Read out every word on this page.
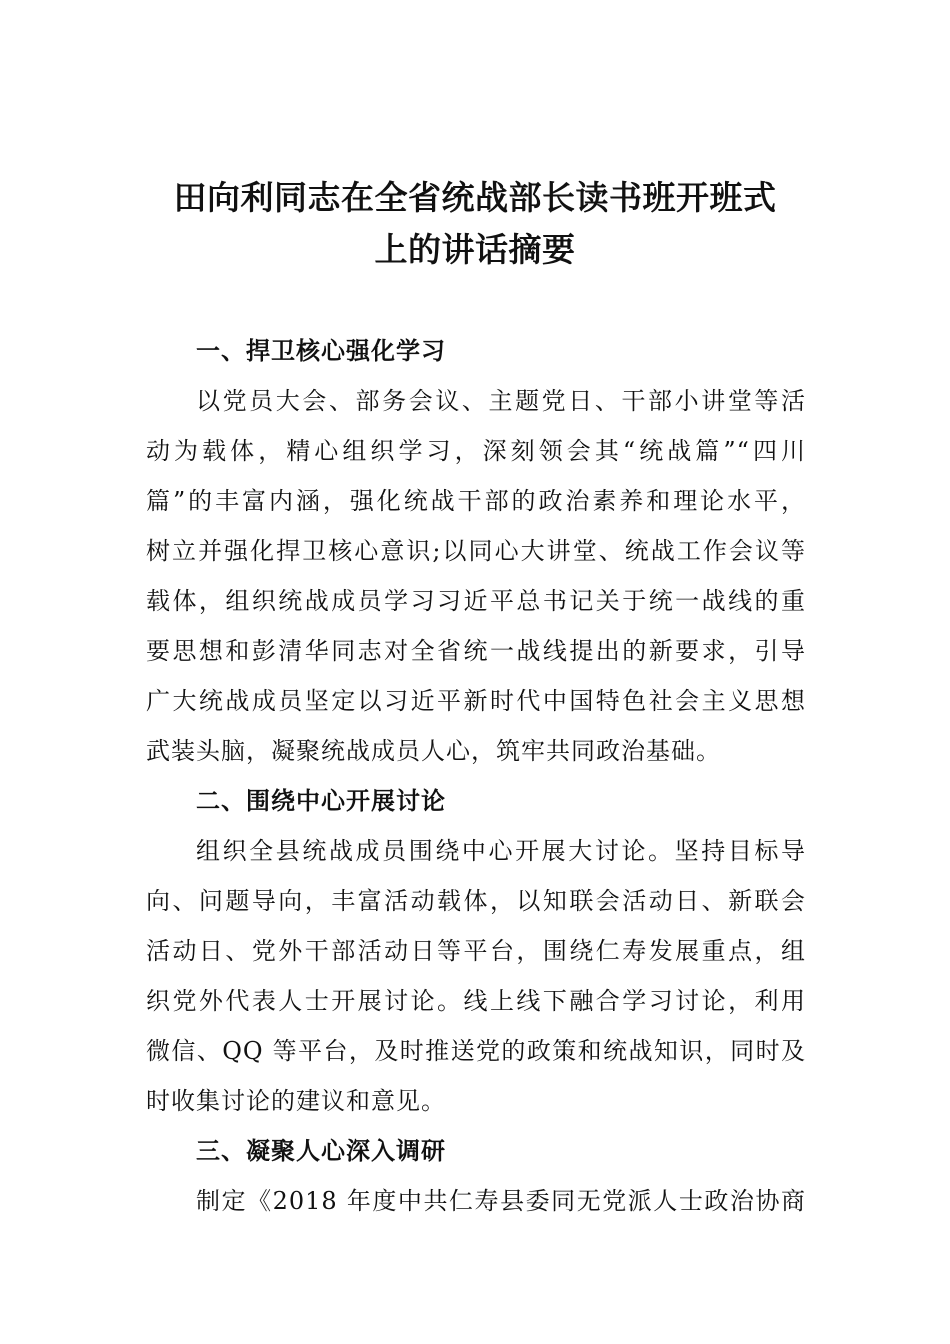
田向利同志在全省统战部长读书班开班式
上的讲话摘要
一、捍卫核心强化学习
以党员大会、部务会议、主题党日、干部小讲堂等活
动为载体，精心组织学习，深刻领会其“统战篇”“四川
篇”的丰富内涵，强化统战干部的政治素养和理论水平，
树立并强化捍卫核心意识;以同心大讲堂、统战工作会议等
载体，组织统战成员学习习近平总书记关于统一战线的重
要思想和彭清华同志对全省统一战线提出的新要求，引导
广大统战成员坚定以习近平新时代中国特色社会主义思想
武装头脑，凝聚统战成员人心，筑牢共同政治基础。
二、围绕中心开展讨论
组织全县统战成员围绕中心开展大讨论。坚持目标导
向、问题导向，丰富活动载体，以知联会活动日、新联会
活动日、党外干部活动日等平台，围绕仁寿发展重点，组
织党外代表人士开展讨论。线上线下融合学习讨论，利用
微信、QQ 等平台，及时推送党的政策和统战知识，同时及
时收集讨论的建议和意见。
三、凝聚人心深入调研
制定《2018 年度中共仁寿县委同无党派人士政治协商
